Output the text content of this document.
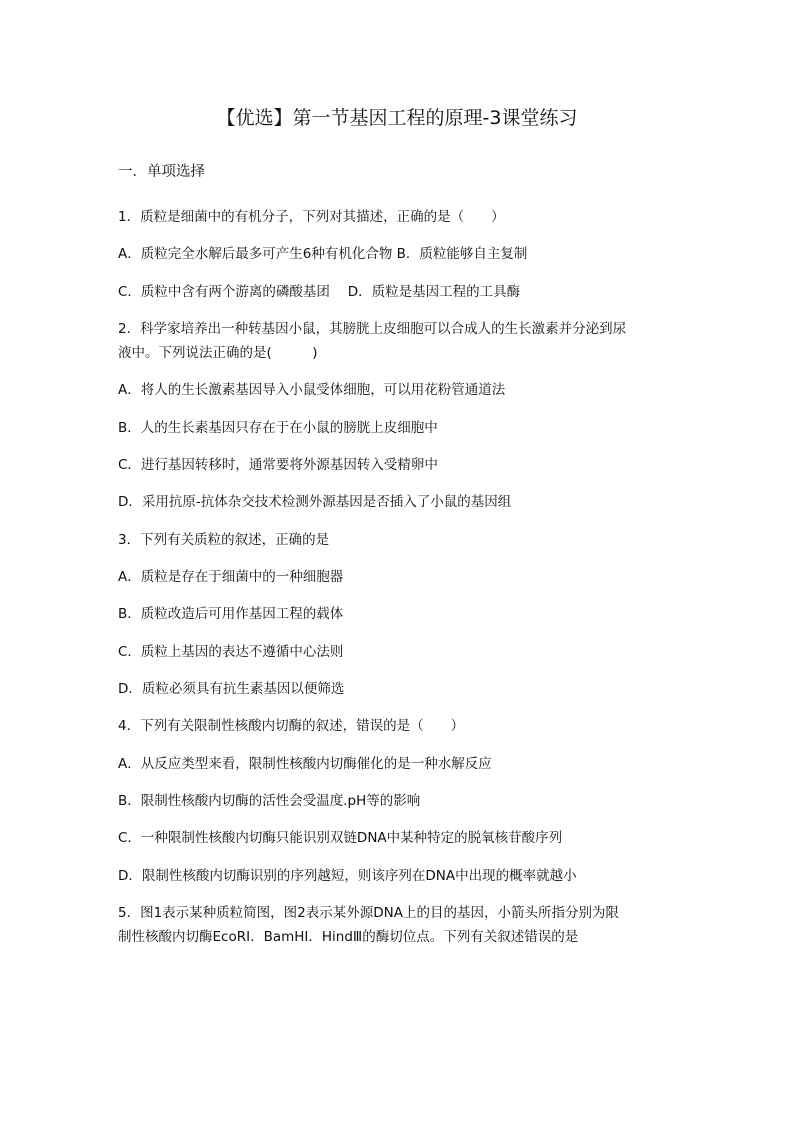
【优选】第一节基因工程的原理-3课堂练习
一．单项选择
1．质粒是细菌中的有机分子，下列对其描述，正确的是（　　）
A．质粒完全水解后最多可产生6种有机化合物 B．质粒能够自主复制
C．质粒中含有两个游离的磷酸基团　 D．质粒是基因工程的工具酶
2．科学家培养出一种转基因小鼠，其膀胱上皮细胞可以合成人的生长激素并分泌到尿
液中。下列说法正确的是(　　　)
A．将人的生长激素基因导入小鼠受体细胞，可以用花粉管通道法
B．人的生长素基因只存在于在小鼠的膀胱上皮细胞中
C．进行基因转移时，通常要将外源基因转入受精卵中
D．采用抗原-抗体杂交技术检测外源基因是否插入了小鼠的基因组
3．下列有关质粒的叙述，正确的是
A．质粒是存在于细菌中的一种细胞器
B．质粒改造后可用作基因工程的载体
C．质粒上基因的表达不遵循中心法则
D．质粒必须具有抗生素基因以便筛选
4．下列有关限制性核酸内切酶的叙述，错误的是（　　）
A．从反应类型来看，限制性核酸内切酶催化的是一种水解反应
B．限制性核酸内切酶的活性会受温度.pH等的影响
C．一种限制性核酸内切酶只能识别双链DNA中某种特定的脱氧核苷酸序列
D．限制性核酸内切酶识别的序列越短，则该序列在DNA中出现的概率就越小
5．图1表示某种质粒简图，图2表示某外源DNA上的目的基因，小箭头所指分别为限
制性核酸内切酶EcoRⅠ．BamHⅠ．HindⅢ的酶切位点。下列有关叙述错误的是
